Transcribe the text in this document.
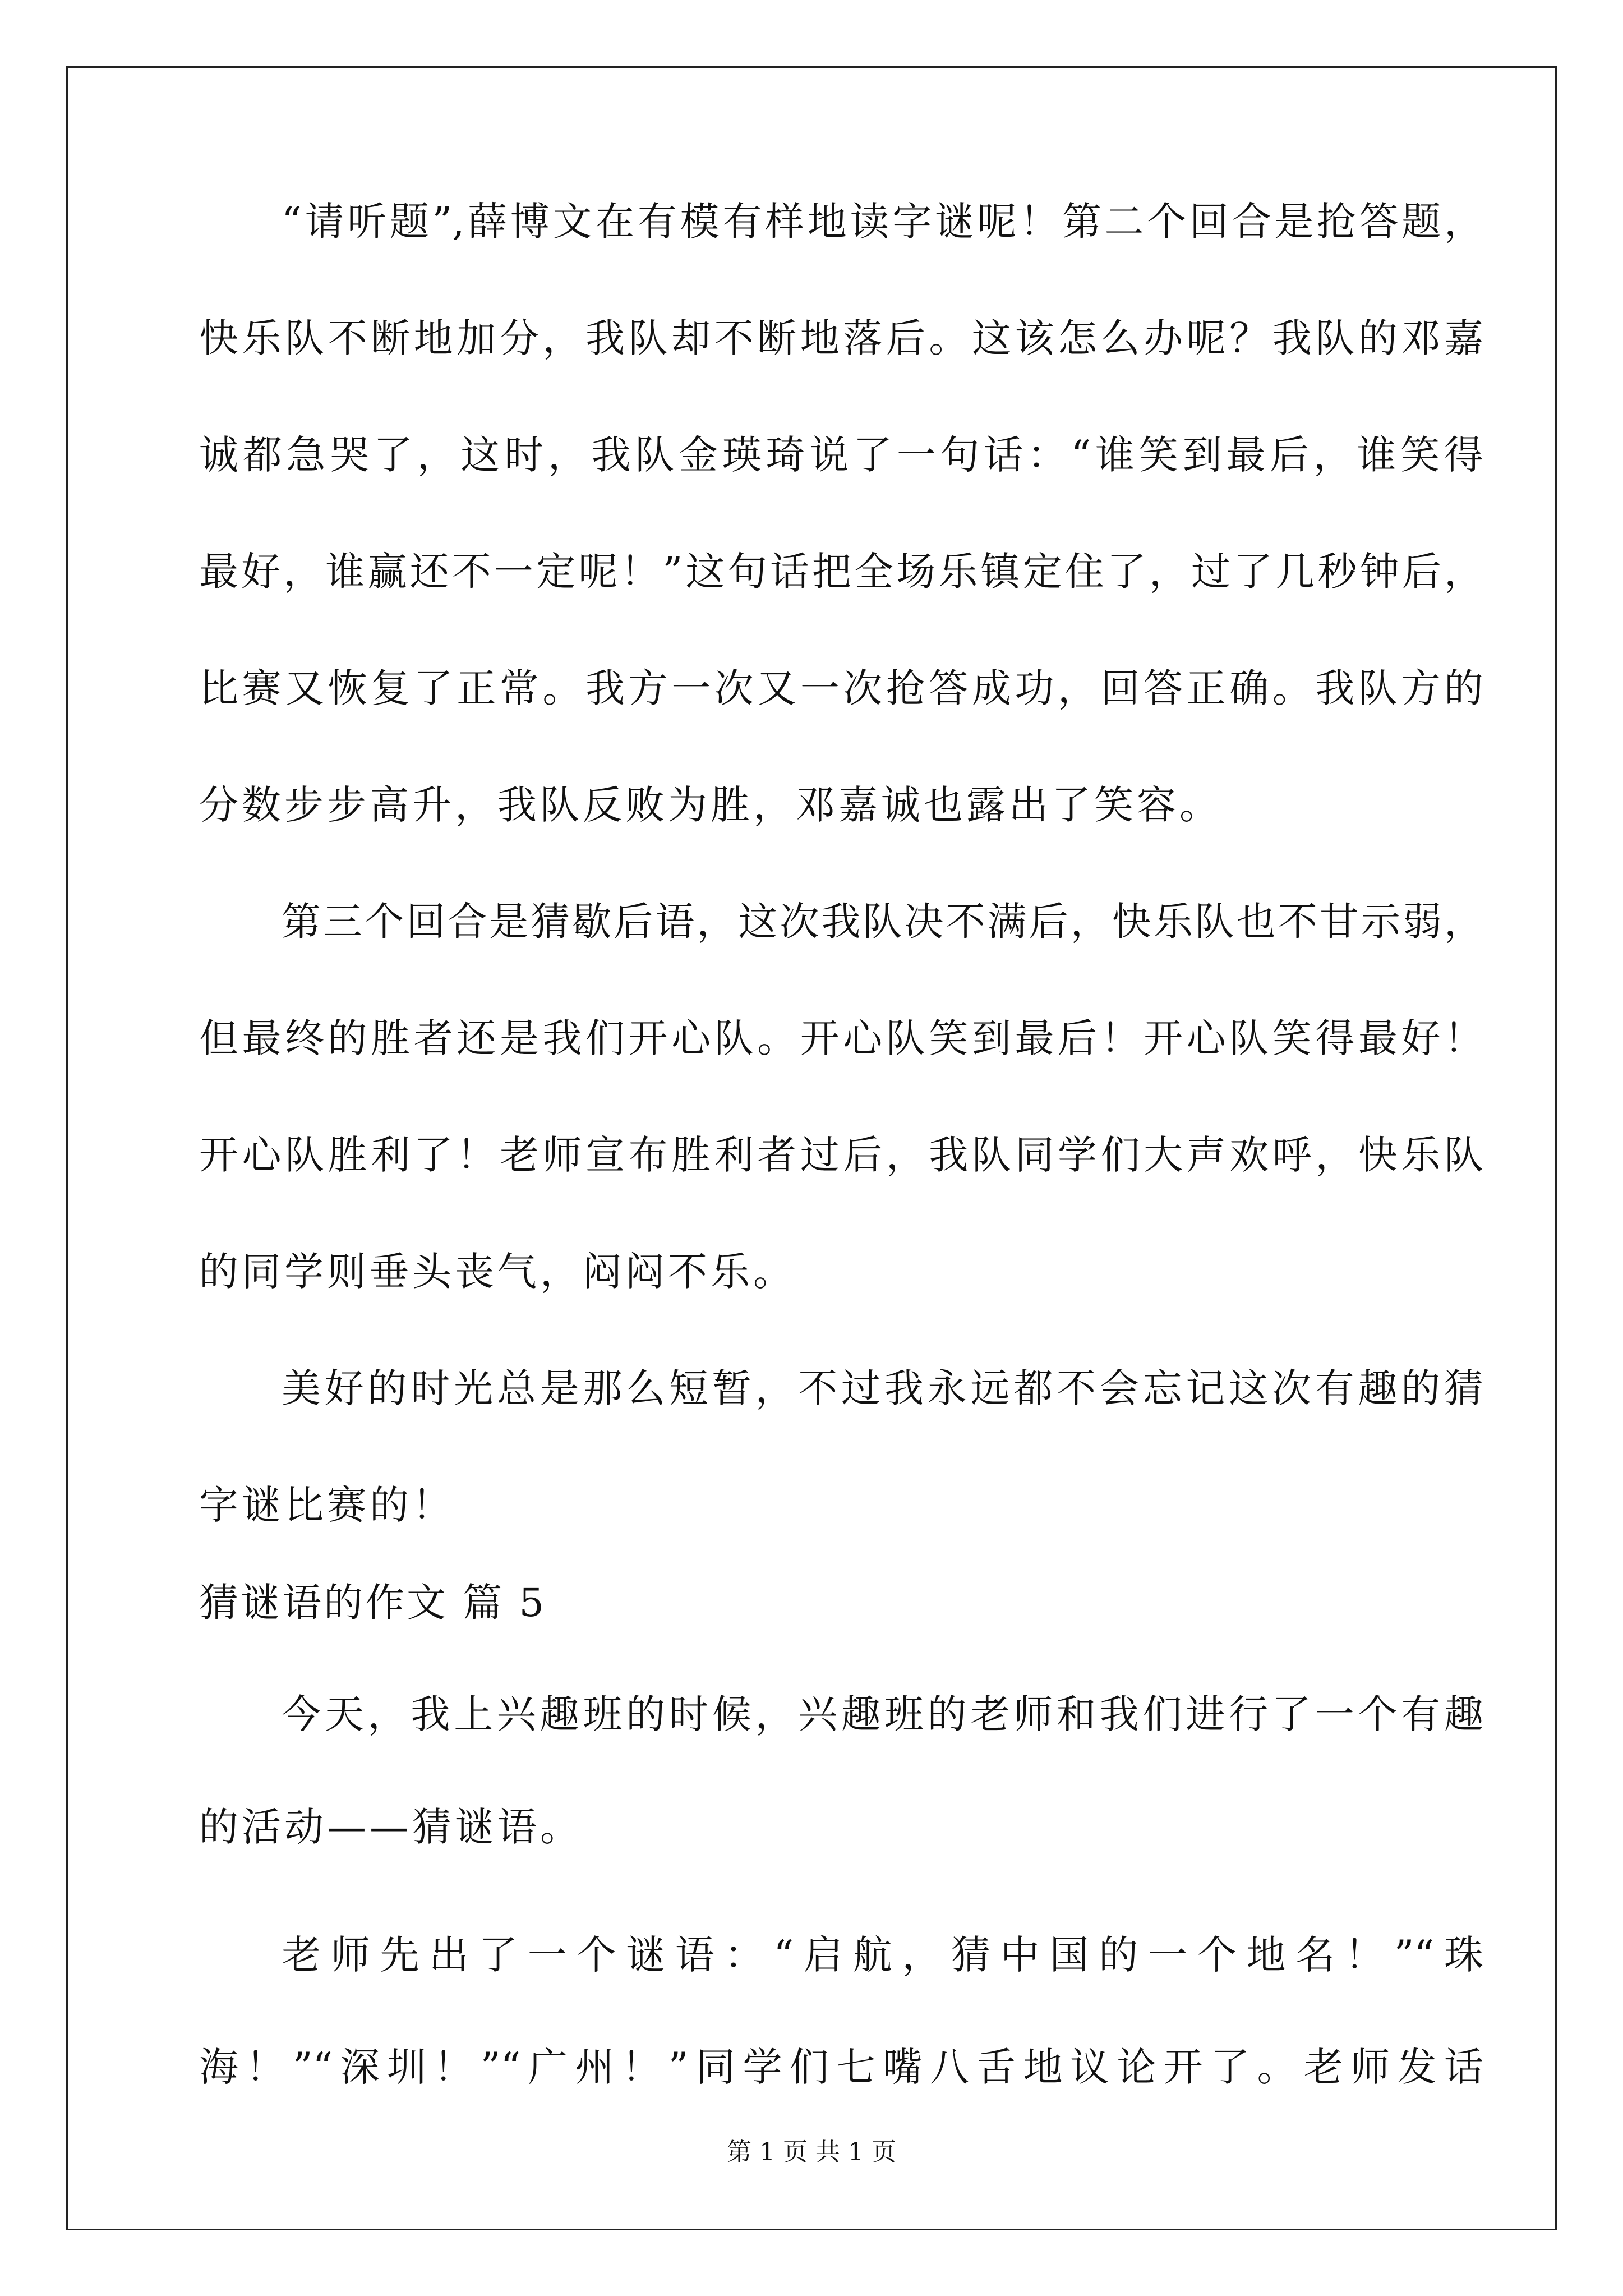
“请听题”,薛博文在有模有样地读字谜呢！第二个回合是抢答题，
快乐队不断地加分，我队却不断地落后。这该怎么办呢？我队的邓嘉
诚都急哭了，这时，我队金瑛琦说了一句话：“谁笑到最后，谁笑得
最好，谁赢还不一定呢！”这句话把全场乐镇定住了，过了几秒钟后，
比赛又恢复了正常。我方一次又一次抢答成功，回答正确。我队方的
分数步步高升，我队反败为胜，邓嘉诚也露出了笑容。
第三个回合是猜歇后语，这次我队决不满后，快乐队也不甘示弱，
但最终的胜者还是我们开心队。开心队笑到最后！开心队笑得最好！
开心队胜利了！老师宣布胜利者过后，我队同学们大声欢呼，快乐队
的同学则垂头丧气，闷闷不乐。
美好的时光总是那么短暂，不过我永远都不会忘记这次有趣的猜
字谜比赛的！
猜谜语的作文 篇 5
今天，我上兴趣班的时候，兴趣班的老师和我们进行了一个有趣
的活动——猜谜语。
老师先出了一个谜语：“启航，猜中国的一个地名！”“珠
海！”“深圳！”“广州！”同学们七嘴八舌地议论开了。老师发话
第 1 页 共 1 页
